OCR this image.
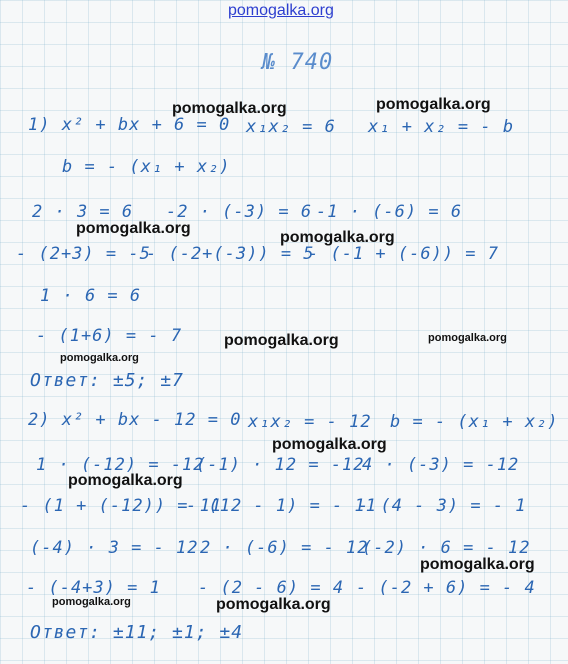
pomogalka.org
№ 740
1) x² + bx + 6 = 0 x₁x₂ = 6 x₁ + x₂ = - b
b = - (x₁ + x₂)
2 · 3 = 6 -2 · (-3) = 6 -1 · (-6) = 6
- (2+3) = -5
- (-2+(-3)) = 5
- (-1 + (-6)) = 7
1 · 6 = 6
- (1+6) = - 7
Ответ: ±5; ±7
2) x² + bx - 12 = 0 x₁x₂ = - 12 b = - (x₁ + x₂)
1 · (-12) = -12
(-1) · 12 = -12
4 · (-3) = -12
- (1 + (-12)) = 11
- (12 - 1) = - 11
- (4 - 3) = - 1
(-4) · 3 = - 12 2 · (-6) = - 12
(-2) · 6 = - 12
- (-4+3) = 1 - (2 - 6) = 4 - (-2 + 6) = - 4
Ответ: ±11; ±1; ±4
pomogalka.org	pomogalka.org
pomogalka.org
pomogalka.org
pomogalka.org	pomogalka.org
pomogalka.org
pomogalka.org
pomogalka.org
pomogalka.org
pomogalka.org	pomogalka.org
